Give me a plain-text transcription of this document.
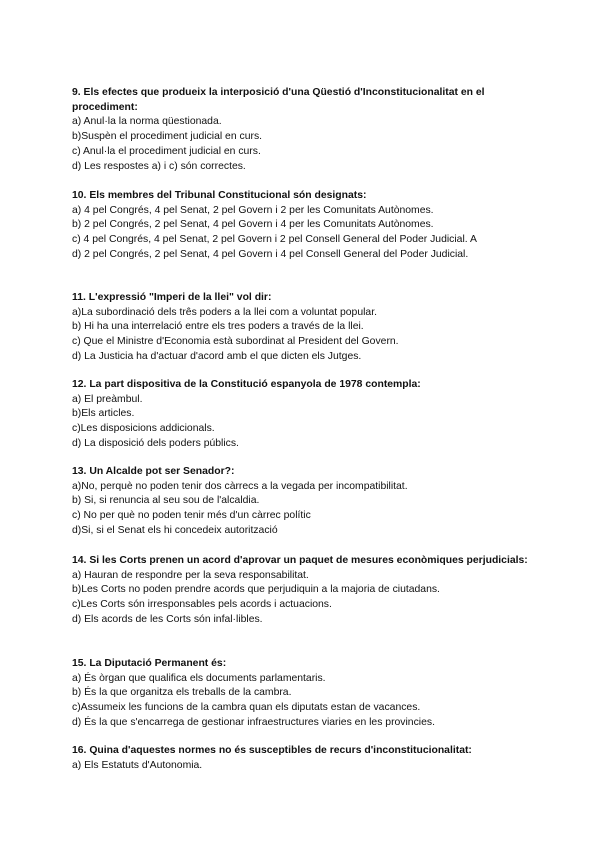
9. Els efectes que produeix la interposició d'una Qüestió d'Inconstitucionalitat en el procediment:

a) Anul·la la norma qüestionada.

b)Suspèn el procediment judicial en curs.

c) Anul·la el procediment judicial en curs.

d) Les respostes a) i c) són correctes.

10. Els membres del Tribunal Constitucional són designats:

a) 4 pel Congrés, 4 pel Senat, 2 pel Govern i 2 per les Comunitats Autònomes.

b) 2 pel Congrés, 2 pel Senat, 4 pel Govern i 4 per les Comunitats Autònomes.

c) 4 pel Congrés, 4 pel Senat, 2 pel Govern i 2 pel Consell General del Poder Judicial. A

d) 2 pel Congrés, 2 pel Senat, 4 pel Govern i 4 pel Consell General del Poder Judicial.

11. L'expressió "Imperi de la llei" vol dir:

a)La subordinació dels três poders a la llei com a voluntat popular.

b) Hi ha una interrelació entre els tres poders a través de la llei.

c) Que el Ministre d'Economia està subordinat al President del Govern.

d) La Justicia ha d'actuar d'acord amb el que dicten els Jutges.

12. La part dispositiva de la Constitució espanyola de 1978 contempla:

a) El preàmbul.

b)Els articles.

c)Les disposicions addicionals.

d) La disposició dels poders públics.

13. Un Alcalde pot ser Senador?:

a)No, perquè no poden tenir dos càrrecs a la vegada per incompatibilitat.

b) Si, si renuncia al seu sou de l'alcaldia.

c) No per què no poden tenir més d'un càrrec polític

d)Si, si el Senat els hi concedeix autorització

14. Si les Corts prenen un acord d'aprovar un paquet de mesures econòmiques perjudicials:

a) Hauran de respondre per la seva responsabilitat.

b)Les Corts no poden prendre acords que perjudiquin a la majoria de ciutadans.

c)Les Corts són irresponsables pels acords i actuacions.

d) Els acords de les Corts són infal·libles.

15. La Diputació Permanent és:

a) És òrgan que qualifica els documents parlamentaris.

b) És la que organitza els treballs de la cambra.

c)Assumeix les funcions de la cambra quan els diputats estan de vacances.

d) És la que s'encarrega de gestionar infraestructures viaries en les provincies.

16. Quina d'aquestes normes no és susceptibles de recurs d'inconstitucionalitat:

a) Els Estatuts d'Autonomia.
